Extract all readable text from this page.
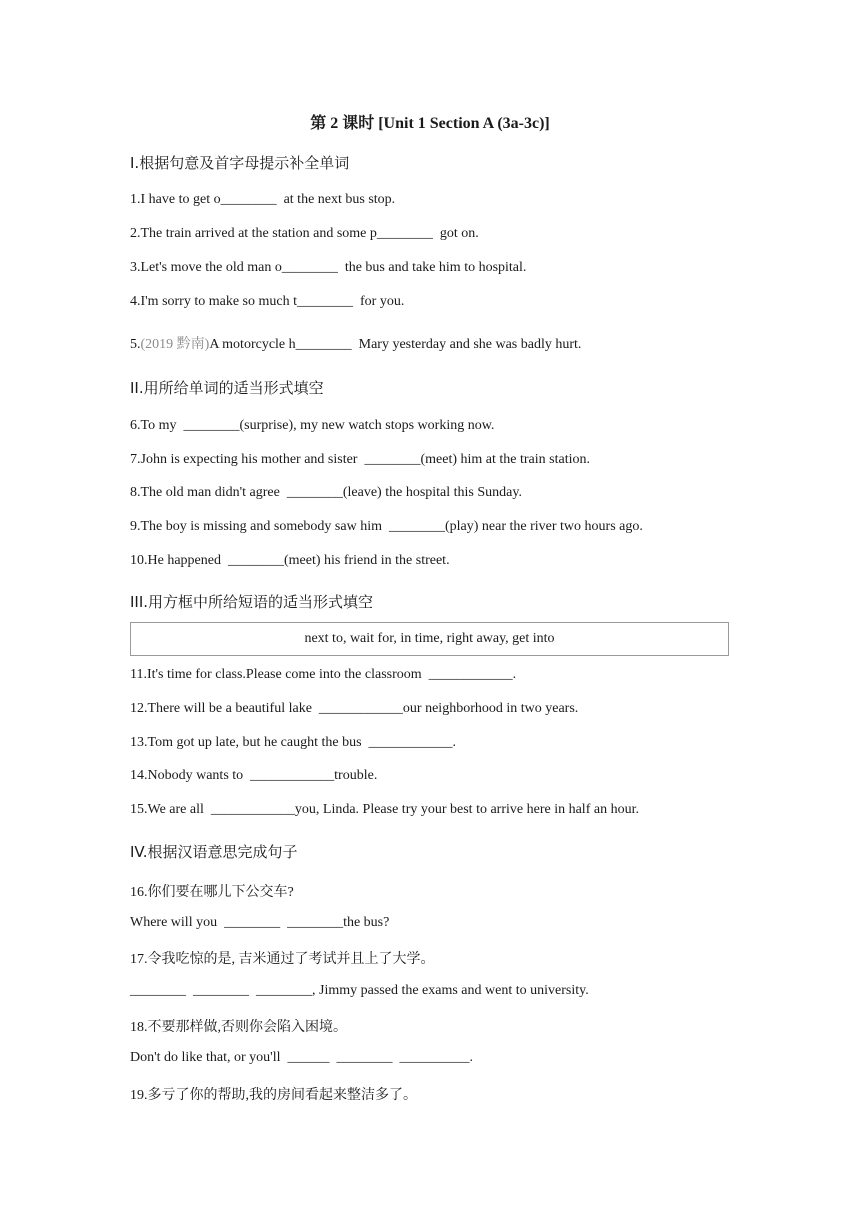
第 2 课时 [Unit 1 Section A (3a-3c)]
I.根据句意及首字母提示补全单词
1.I have to get o________  at the next bus stop.
2.The train arrived at the station and some p________  got on.
3.Let's move the old man o________  the bus and take him to hospital.
4.I'm sorry to make so much t________  for you.
5.(2019 黔南)A motorcycle h________  Mary yesterday and she was badly hurt.
II.用所给单词的适当形式填空
6.To my  ________(surprise), my new watch stops working now.
7.John is expecting his mother and sister  ________(meet) him at the train station.
8.The old man didn't agree  ________(leave) the hospital this Sunday.
9.The boy is missing and somebody saw him  ________(play) near the river two hours ago.
10.He happened  ________(meet) his friend in the street.
III.用方框中所给短语的适当形式填空
next to, wait for, in time, right away, get into
11.It's time for class.Please come into the classroom  ____________.
12.There will be a beautiful lake  ____________our neighborhood in two years.
13.Tom got up late, but he caught the bus  ____________.
14.Nobody wants to  ____________trouble.
15.We are all  ____________you, Linda. Please try your best to arrive here in half an hour.
IV.根据汉语意思完成句子
16.你们要在哪儿下公交车?
Where will you  ________  ________the bus?
17.令我吃惊的是, 吉米通过了考试并且上了大学。
________  ________  ________, Jimmy passed the exams and went to university.
18.不要那样做,否则你会陷入困境。
Don't do like that, or you'll  ______  ________  __________.
19.多亏了你的帮助,我的房间看起来整洁多了。
